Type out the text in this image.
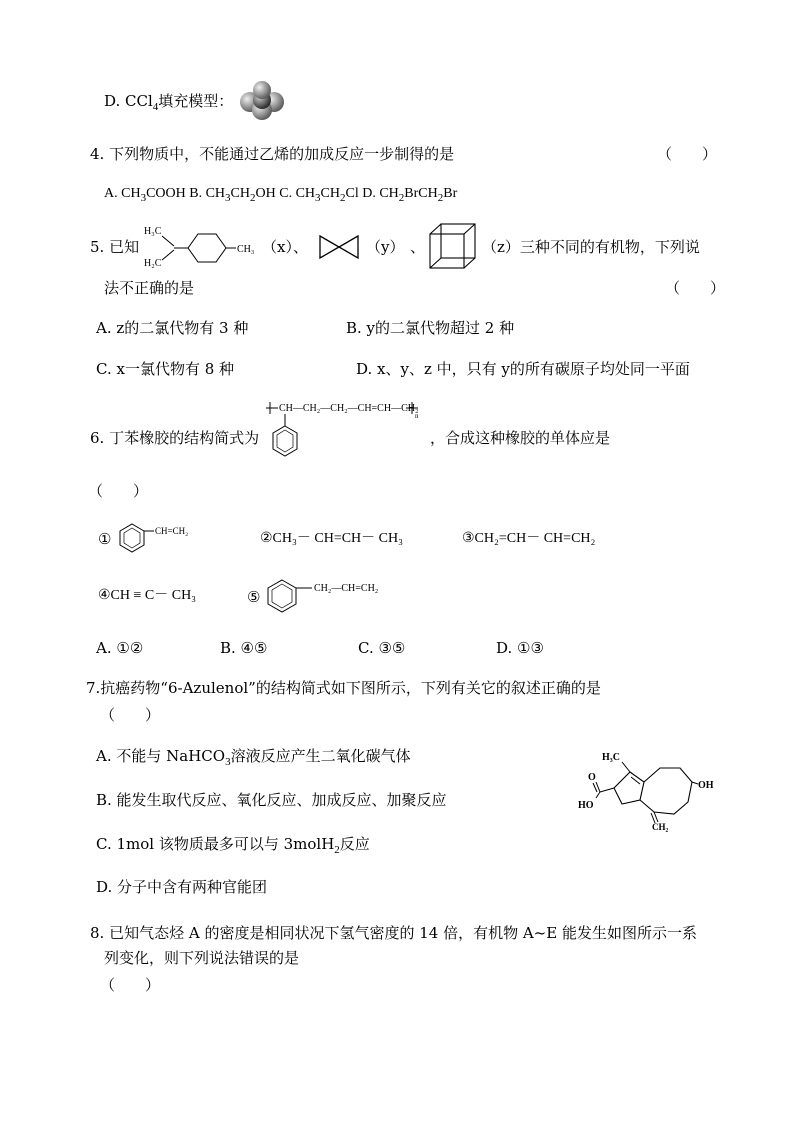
D. CCl$_4$填充模型：
4. 下列物质中，不能通过乙烯的加成反应一步制得的是	（　　）
A. $CH_3COOH$ B. $CH_3CH_2OH$ C. $CH_3CH_2Cl$ D. $CH_2BrCH_2Br$
5. 已知
H₃C
H₂C
CH₃ （x）、	（y） 、	（z）三种不同的有机物，下列说
法不正确的是	（　　）
A. z的二氯代物有 3 种	B. y的二氯代物超过 2 种
C. x一氯代物有 8 种	D. x、y、z 中，只有 y的所有碳原子均处同一平面
CH—CH₂—CH₂—CH=CH—CH₂
n
6. 丁苯橡胶的结构简式为	，合成这种橡胶的单体应是
（　　）
①	CH=CH₂	②CH₃－ CH=CH－ CH₃	③CH₂=CH－ CH=CH₂
④CH ≡ C－ CH₃	⑤	CH₂—CH=CH₂
A. ①②	B. ④⑤	C. ③⑤	D. ①③
7.抗癌药物“6-Azulenol”的结构简式如下图所示，下列有关它的叙述正确的是
（　　）
A. 不能与 NaHCO$_3$溶液反应产生二氧化碳气体
B. 能发生取代反应、氧化反应、加成反应、加聚反应
C. 1mol 该物质最多可以与 3molH$_2$反应
D. 分子中含有两种官能团
H₃C
OH
CH₂
O
HO
8. 已知气态烃 A 的密度是相同状况下氢气密度的 14 倍，有机物 A~E 能发生如图所示一系
列变化，则下列说法错误的是
（　　）
